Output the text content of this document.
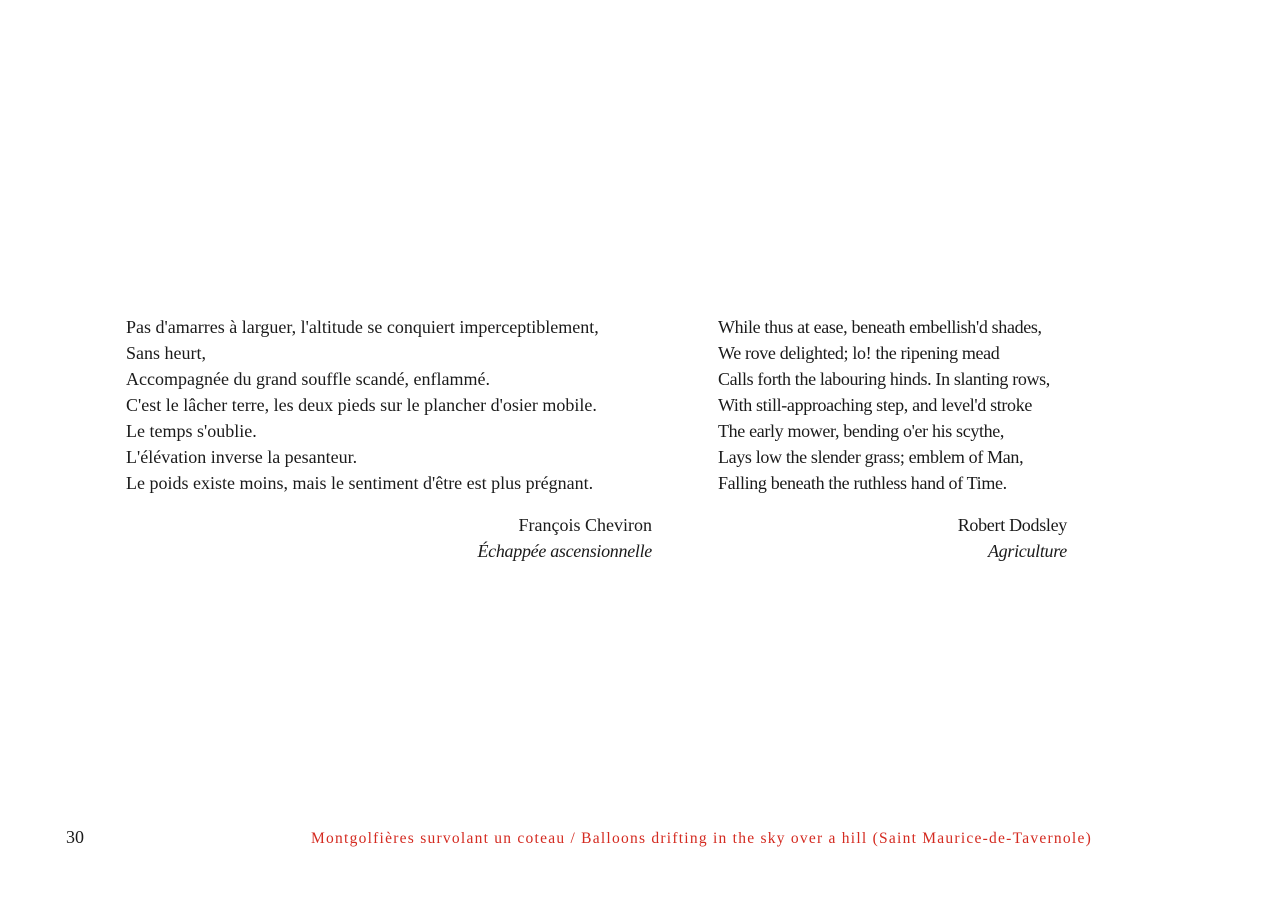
Pas d'amarres à larguer, l'altitude se conquiert imperceptiblement,
Sans heurt,
Accompagnée du grand souffle scandé, enflammé.
C'est le lâcher terre, les deux pieds sur le plancher d'osier mobile.
Le temps s'oublie.
L'élévation inverse la pesanteur.
Le poids existe moins, mais le sentiment d'être est plus prégnant.
François Cheviron
Échappée ascensionnelle
While thus at ease, beneath embellish'd shades,
We rove delighted; lo! the ripening mead
Calls forth the labouring hinds. In slanting rows,
With still-approaching step, and level'd stroke
The early mower, bending o'er his scythe,
Lays low the slender grass; emblem of Man,
Falling beneath the ruthless hand of Time.
Robert Dodsley
Agriculture
30	Montgolfières survolant un coteau / Balloons drifting in the sky over a hill (Saint Maurice-de-Tavernole)
